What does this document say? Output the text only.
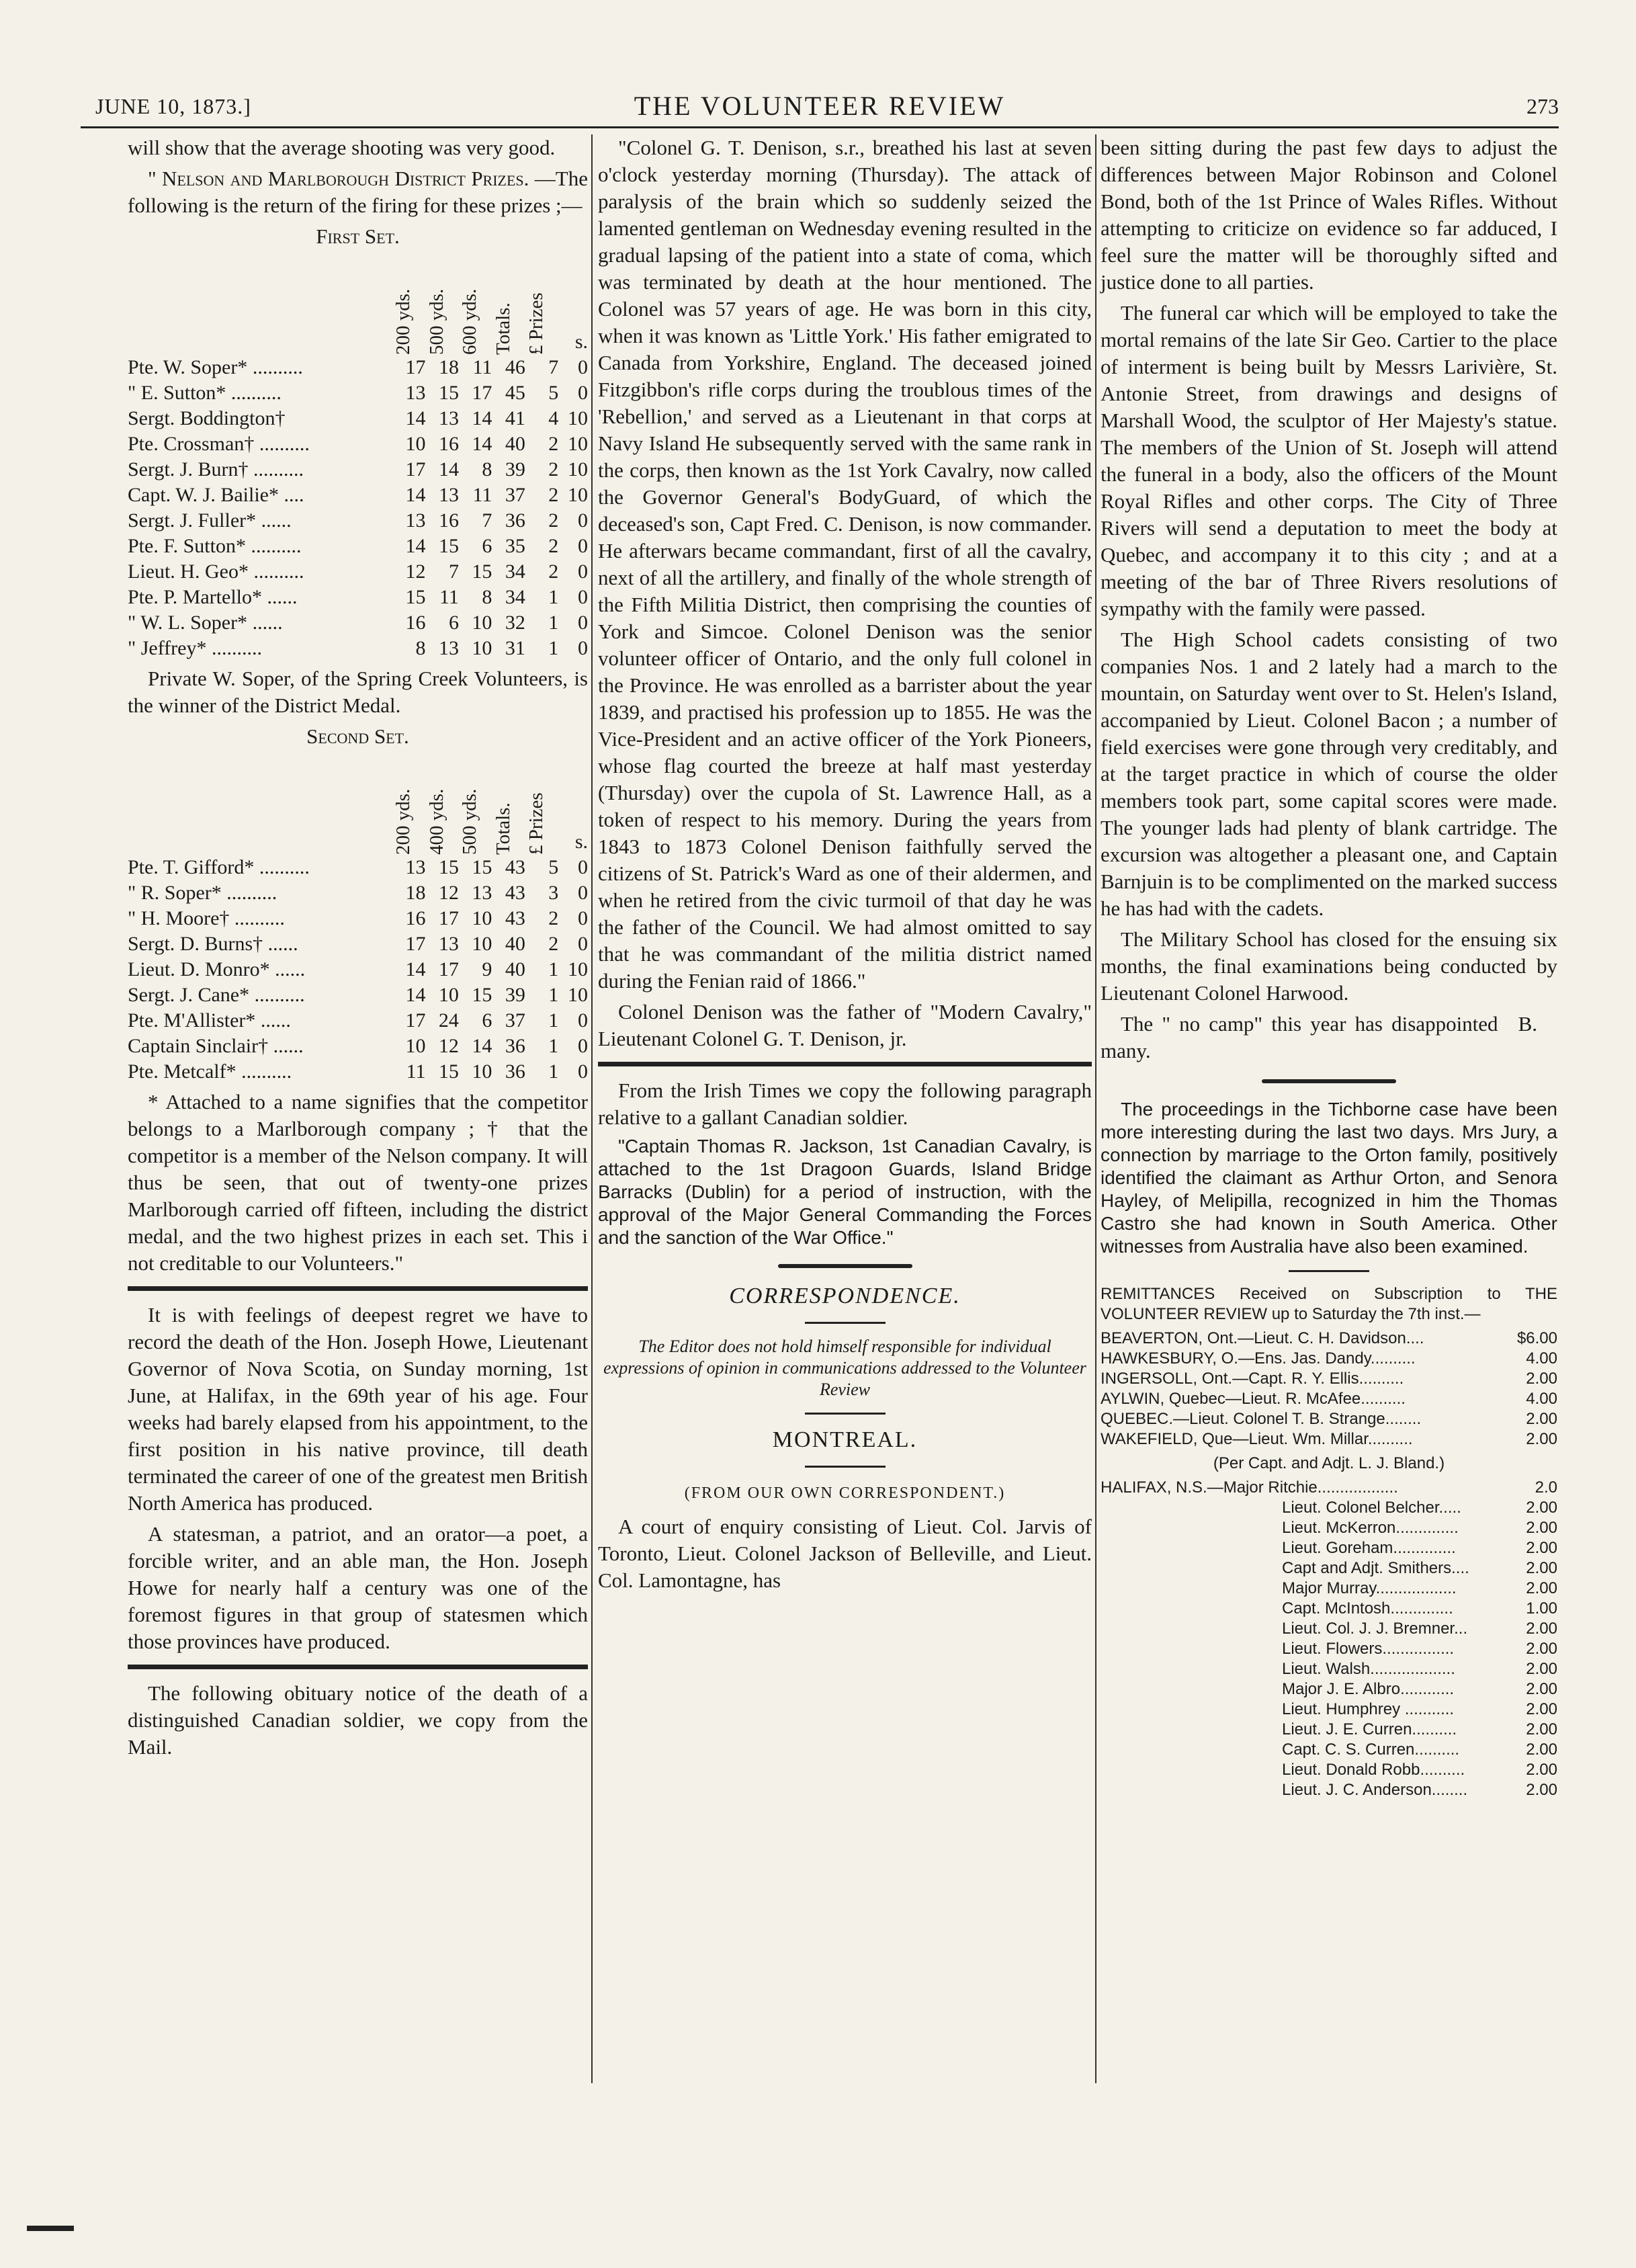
JUNE 10, 1873.]	THE VOLUNTEER REVIEW	273

will show that the average shooting was very good.

" Nelson and Marlborough District Prizes. —The following is the return of the firing for these prizes ;—

First Set.
	200 yds.	500 yds.	600 yds.	Totals.	£ Prizes	s.
Pte. W. Soper* ..........	17	18	11	46	7	0
" E. Sutton* ..........	13	15	17	45	5	0
Sergt. Boddington†	14	13	14	41	4	10
Pte. Crossman† ..........	10	16	14	40	2	10
Sergt. J. Burn† ..........	17	14	8	39	2	10
Capt. W. J. Bailie* ....	14	13	11	37	2	10
Sergt. J. Fuller* ......	13	16	7	36	2	0
Pte. F. Sutton* ..........	14	15	6	35	2	0
Lieut. H. Geo* ..........	12	7	15	34	2	0
Pte. P. Martello* ......	15	11	8	34	1	0
" W. L. Soper* ......	16	6	10	32	1	0
" Jeffrey* ..........	8	13	10	31	1	0

Private W. Soper, of the Spring Creek Volunteers, is the winner of the District Medal.

Second Set.
	200 yds.	400 yds.	500 yds.	Totals.	£ Prizes	s.
Pte. T. Gifford* ..........	13	15	15	43	5	0
" R. Soper* ..........	18	12	13	43	3	0
" H. Moore† ..........	16	17	10	43	2	0
Sergt. D. Burns† ......	17	13	10	40	2	0
Lieut. D. Monro* ......	14	17	9	40	1	10
Sergt. J. Cane* ..........	14	10	15	39	1	10
Pte. M'Allister* ......	17	24	6	37	1	0
Captain Sinclair† ......	10	12	14	36	1	0
Pte. Metcalf* ..........	11	15	10	36	1	0

* Attached to a name signifies that the competitor belongs to a Marlborough company ; † that the competitor is a member of the Nelson company. It will thus be seen, that out of twenty-one prizes Marlborough carried off fifteen, including the district medal, and the two highest prizes in each set. This i not creditable to our Volunteers."

It is with feelings of deepest regret we have to record the death of the Hon. Joseph Howe, Lieutenant Governor of Nova Scotia, on Sunday morning, 1st June, at Halifax, in the 69th year of his age. Four weeks had barely elapsed from his appointment, to the first position in his native province, till death terminated the career of one of the greatest men British North America has produced.

A statesman, a patriot, and an orator—a poet, a forcible writer, and an able man, the Hon. Joseph Howe for nearly half a century was one of the foremost figures in that group of statesmen which those provinces have produced.

The following obituary notice of the death of a distinguished Canadian soldier, we copy from the Mail.

"Colonel G. T. Denison, s.r., breathed his last at seven o'clock yesterday morning (Thursday). The attack of paralysis of the brain which so suddenly seized the lamented gentleman on Wednesday evening resulted in the gradual lapsing of the patient into a state of coma, which was terminated by death at the hour mentioned. The Colonel was 57 years of age. He was born in this city, when it was known as 'Little York.' His father emigrated to Canada from Yorkshire, England. The deceased joined Fitzgibbon's rifle corps during the troublous times of the 'Rebellion,' and served as a Lieutenant in that corps at Navy Island He subsequently served with the same rank in the corps, then known as the 1st York Cavalry, now called the Governor General's BodyGuard, of which the deceased's son, Capt Fred. C. Denison, is now commander. He afterwars became commandant, first of all the cavalry, next of all the artillery, and finally of the whole strength of the Fifth Militia District, then comprising the counties of York and Simcoe. Colonel Denison was the senior volunteer officer of Ontario, and the only full colonel in the Province. He was enrolled as a barrister about the year 1839, and practised his profession up to 1855. He was the Vice-President and an active officer of the York Pioneers, whose flag courted the breeze at half mast yesterday (Thursday) over the cupola of St. Lawrence Hall, as a token of respect to his memory. During the years from 1843 to 1873 Colonel Denison faithfully served the citizens of St. Patrick's Ward as one of their aldermen, and when he retired from the civic turmoil of that day he was the father of the Council. We had almost omitted to say that he was commandant of the militia district named during the Fenian raid of 1866."

Colonel Denison was the father of "Modern Cavalry," Lieutenant Colonel G. T. Denison, jr.

From the Irish Times we copy the following paragraph relative to a gallant Canadian soldier.

"Captain Thomas R. Jackson, 1st Canadian Cavalry, is attached to the 1st Dragoon Guards, Island Bridge Barracks (Dublin) for a period of instruction, with the approval of the Major General Commanding the Forces and the sanction of the War Office."

CORRESPONDENCE.
The Editor does not hold himself responsible for individual expressions of opinion in communications addressed to the Volunteer Review
MONTREAL.
(FROM OUR OWN CORRESPONDENT.)

A court of enquiry consisting of Lieut. Col. Jarvis of Toronto, Lieut. Colonel Jackson of Belleville, and Lieut. Col. Lamontagne, has

been sitting during the past few days to adjust the differences between Major Robinson and Colonel Bond, both of the 1st Prince of Wales Rifles. Without attempting to criticize on evidence so far adduced, I feel sure the matter will be thoroughly sifted and justice done to all parties.

The funeral car which will be employed to take the mortal remains of the late Sir Geo. Cartier to the place of interment is being built by Messrs Larivière, St. Antonie Street, from drawings and designs of Marshall Wood, the sculptor of Her Majesty's statue. The members of the Union of St. Joseph will attend the funeral in a body, also the officers of the Mount Royal Rifles and other corps. The City of Three Rivers will send a deputation to meet the body at Quebec, and accompany it to this city ; and at a meeting of the bar of Three Rivers resolutions of sympathy with the family were passed.

The High School cadets consisting of two companies Nos. 1 and 2 lately had a march to the mountain, on Saturday went over to St. Helen's Island, accompanied by Lieut. Colonel Bacon ; a number of field exercises were gone through very creditably, and at the target practice in which of course the older members took part, some capital scores were made. The younger lads had plenty of blank cartridge. The excursion was altogether a pleasant one, and Captain Barnjuin is to be complimented on the marked success he has had with the cadets.

The Military School has closed for the ensuing six months, the final examinations being conducted by Lieutenant Colonel Harwood.

The " no camp" this year has disappointed many.
B.

The proceedings in the Tichborne case have been more interesting during the last two days. Mrs Jury, a connection by marriage to the Orton family, positively identified the claimant as Arthur Orton, and Senora Hayley, of Melipilla, recognized in him the Thomas Castro she had known in South America. Other witnesses from Australia have also been examined.

REMITTANCES Received on Subscription to THE VOLUNTEER REVIEW up to Saturday the 7th inst.—
BEAVERTON, Ont.—Lieut. C. H. Davidson....	$6.00
HAWKESBURY, O.—Ens. Jas. Dandy..........	4.00
INGERSOLL, Ont.—Capt. R. Y. Ellis..........	2.00
AYLWIN, Quebec—Lieut. R. McAfee..........	4.00
QUEBEC.—Lieut. Colonel T. B. Strange........	2.00
WAKEFIELD, Que—Lieut. Wm. Millar..........	2.00
(Per Capt. and Adjt. L. J. Bland.)
HALIFAX, N.S.—Major Ritchie..................	2.0
Lieut. Colonel Belcher.....	2.00
Lieut. McKerron..............	2.00
Lieut. Goreham..............	2.00
Capt and Adjt. Smithers....	2.00
Major Murray..................	2.00
Capt. McIntosh..............	1.00
Lieut. Col. J. J. Bremner...	2.00
Lieut. Flowers................	2.00
Lieut. Walsh...................	2.00
Major J. E. Albro............	2.00
Lieut. Humphrey ...........	2.00
Lieut. J. E. Curren..........	2.00
Capt. C. S. Curren..........	2.00
Lieut. Donald Robb..........	2.00
Lieut. J. C. Anderson........	2.00
